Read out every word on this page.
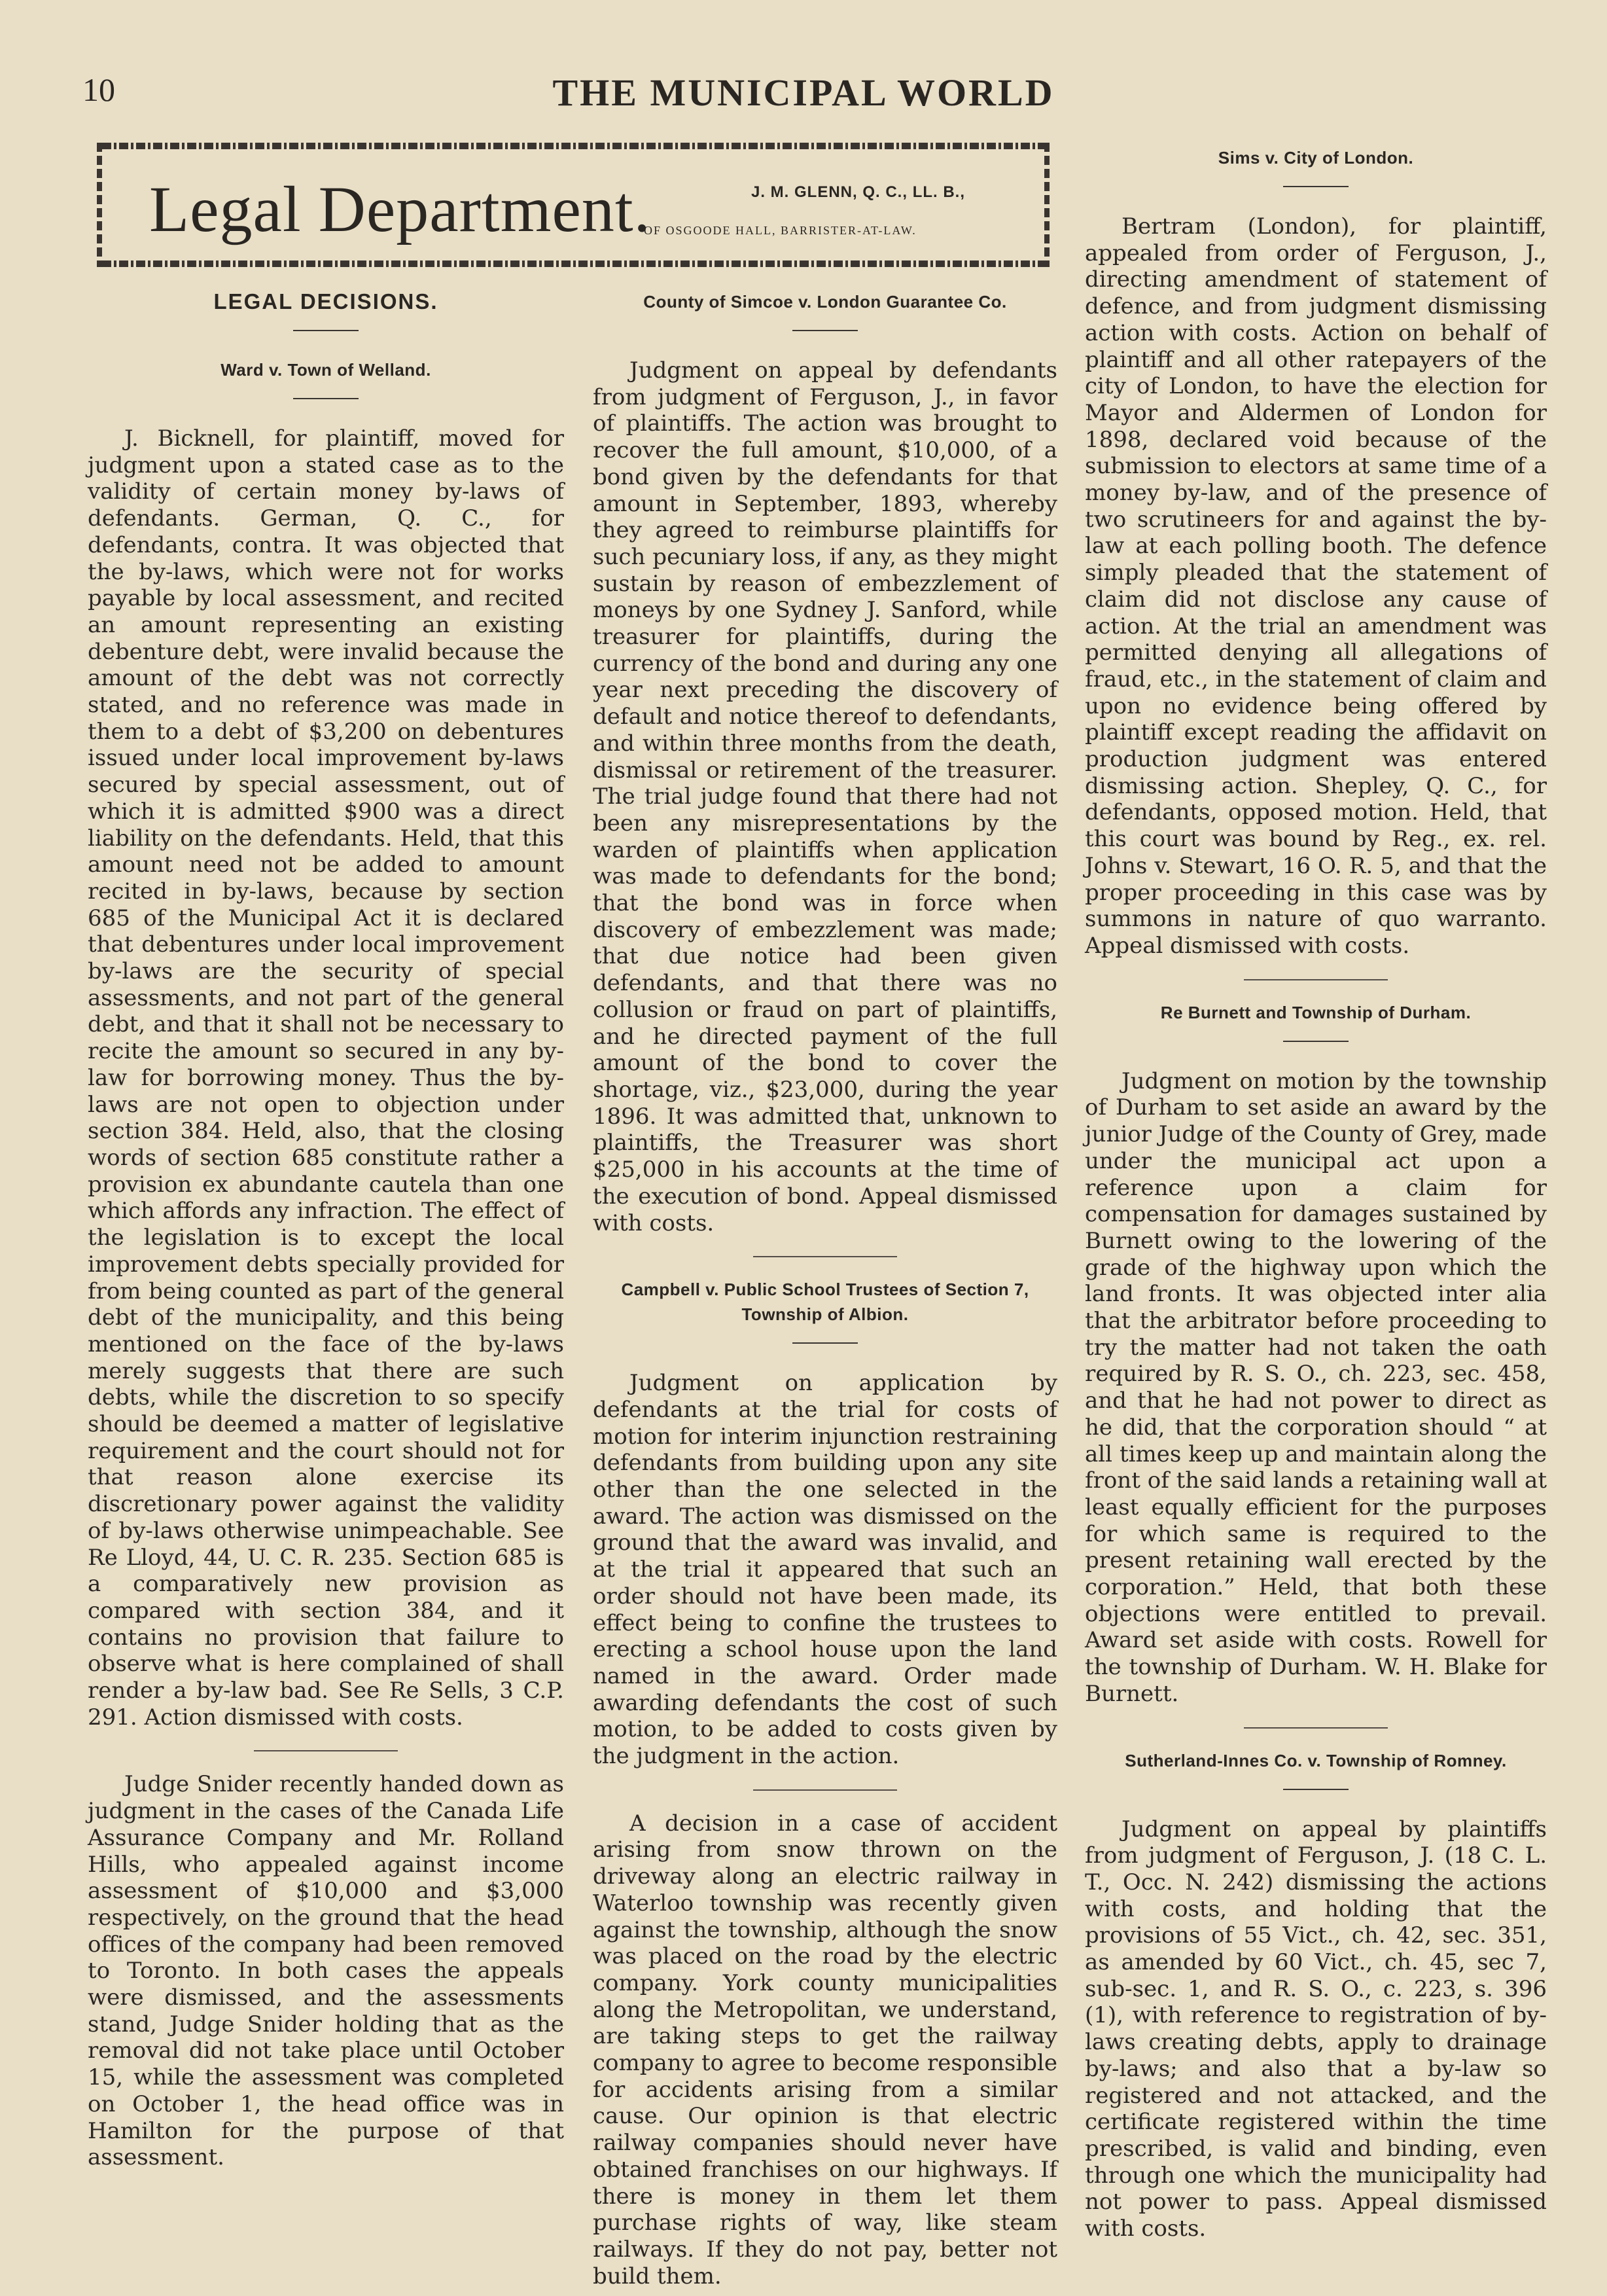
10	THE MUNICIPAL WORLD
Legal Department.	J. M. GLENN, Q. C., LL. B.,
OF OSGOODE HALL, BARRISTER-AT-LAW.
LEGAL DECISIONS.
Ward v. Town of Welland.

J. Bicknell, for plaintiff, moved for judgment upon a stated case as to the validity of certain money by-laws of defendants. German, Q. C., for defendants, contra. It was objected that the by-laws, which were not for works payable by local assessment, and recited an amount representing an existing debenture debt, were invalid because the amount of the debt was not correctly stated, and no reference was made in them to a debt of $3,200 on debentures issued under local improvement by-laws secured by special assessment, out of which it is admitted $900 was a direct liability on the defendants. Held, that this amount need not be added to amount recited in by-laws, because by section 685 of the Municipal Act it is declared that debentures under local improvement by-laws are the security of special assessments, and not part of the general debt, and that it shall not be necessary to recite the amount so secured in any by-law for borrowing money. Thus the by-laws are not open to objection under section 384. Held, also, that the closing words of section 685 constitute rather a provision ex abundante cautela than one which affords any infraction. The effect of the legislation is to except the local improvement debts specially provided for from being counted as part of the general debt of the municipality, and this being mentioned on the face of the by-laws merely suggests that there are such debts, while the discretion to so specify should be deemed a matter of legislative requirement and the court should not for that reason alone exercise its discretionary power against the validity of by-laws otherwise unimpeachable. See Re Lloyd, 44, U. C. R. 235. Section 685 is a comparatively new provision as compared with section 384, and it contains no provision that failure to observe what is here complained of shall render a by-law bad. See Re Sells, 3 C.P. 291. Action dismissed with costs.

Judge Snider recently handed down as judgment in the cases of the Canada Life Assurance Company and Mr. Rolland Hills, who appealed against income assessment of $10,000 and $3,000 respectively, on the ground that the head offices of the company had been removed to Toronto. In both cases the appeals were dismissed, and the assessments stand, Judge Snider holding that as the removal did not take place until October 15, while the assessment was completed on October 1, the head office was in Hamilton for the purpose of that assessment.

County of Simcoe v. London Guarantee Co.

Judgment on appeal by defendants from judgment of Ferguson, J., in favor of plaintiffs. The action was brought to recover the full amount, $10,000, of a bond given by the defendants for that amount in September, 1893, whereby they agreed to reimburse plaintiffs for such pecuniary loss, if any, as they might sustain by reason of embezzlement of moneys by one Sydney J. Sanford, while treasurer for plaintiffs, during the currency of the bond and during any one year next preceding the discovery of default and notice thereof to defendants, and within three months from the death, dismissal or retirement of the treasurer. The trial judge found that there had not been any misrepresentations by the warden of plaintiffs when application was made to defendants for the bond; that the bond was in force when discovery of embezzlement was made; that due notice had been given defendants, and that there was no collusion or fraud on part of plaintiffs, and he directed payment of the full amount of the bond to cover the shortage, viz., $23,000, during the year 1896. It was admitted that, unknown to plaintiffs, the Treasurer was short $25,000 in his accounts at the time of the execution of bond. Appeal dismissed with costs.

Campbell v. Public School Trustees of Section 7, Township of Albion.

Judgment on application by defendants at the trial for costs of motion for interim injunction restraining defendants from building upon any site other than the one selected in the award. The action was dismissed on the ground that the award was invalid, and at the trial it appeared that such an order should not have been made, its effect being to confine the trustees to erecting a school house upon the land named in the award. Order made awarding defendants the cost of such motion, to be added to costs given by the judgment in the action.

A decision in a case of accident arising from snow thrown on the driveway along an electric railway in Waterloo township was recently given against the township, although the snow was placed on the road by the electric company. York county municipalities along the Metropolitan, we understand, are taking steps to get the railway company to agree to become responsible for accidents arising from a similar cause. Our opinion is that electric railway companies should never have obtained franchises on our highways. If there is money in them let them purchase rights of way, like steam railways. If they do not pay, better not build them.

Sims v. City of London.

Bertram (London), for plaintiff, appealed from order of Ferguson, J., directing amendment of statement of defence, and from judgment dismissing action with costs. Action on behalf of plaintiff and all other ratepayers of the city of London, to have the election for Mayor and Aldermen of London for 1898, declared void because of the submission to electors at same time of a money by-law, and of the presence of two scrutineers for and against the by-law at each polling booth. The defence simply pleaded that the statement of claim did not disclose any cause of action. At the trial an amendment was permitted denying all allegations of fraud, etc., in the statement of claim and upon no evidence being offered by plaintiff except reading the affidavit on production judgment was entered dismissing action. Shepley, Q. C., for defendants, opposed motion. Held, that this court was bound by Reg., ex. rel. Johns v. Stewart, 16 O. R. 5, and that the proper proceeding in this case was by summons in nature of quo warranto. Appeal dismissed with costs.

Re Burnett and Township of Durham.

Judgment on motion by the township of Durham to set aside an award by the junior Judge of the County of Grey, made under the municipal act upon a reference upon a claim for compensation for damages sustained by Burnett owing to the lowering of the grade of the highway upon which the land fronts. It was objected inter alia that the arbitrator before proceeding to try the matter had not taken the oath required by R. S. O., ch. 223, sec. 458, and that he had not power to direct as he did, that the corporation should “ at all times keep up and maintain along the front of the said lands a retaining wall at least equally efficient for the purposes for which same is required to the present retaining wall erected by the corporation.” Held, that both these objections were entitled to prevail. Award set aside with costs. Rowell for the township of Durham. W. H. Blake for Burnett.

Sutherland-Innes Co. v. Township of Romney.

Judgment on appeal by plaintiffs from judgment of Ferguson, J. (18 C. L. T., Occ. N. 242) dismissing the actions with costs, and holding that the provisions of 55 Vict., ch. 42, sec. 351, as amended by 60 Vict., ch. 45, sec 7, sub-sec. 1, and R. S. O., c. 223, s. 396 (1), with reference to registration of by-laws creating debts, apply to drainage by-laws; and also that a by-law so registered and not attacked, and the certificate registered within the time prescribed, is valid and binding, even through one which the municipality had not power to pass. Appeal dismissed with costs.
